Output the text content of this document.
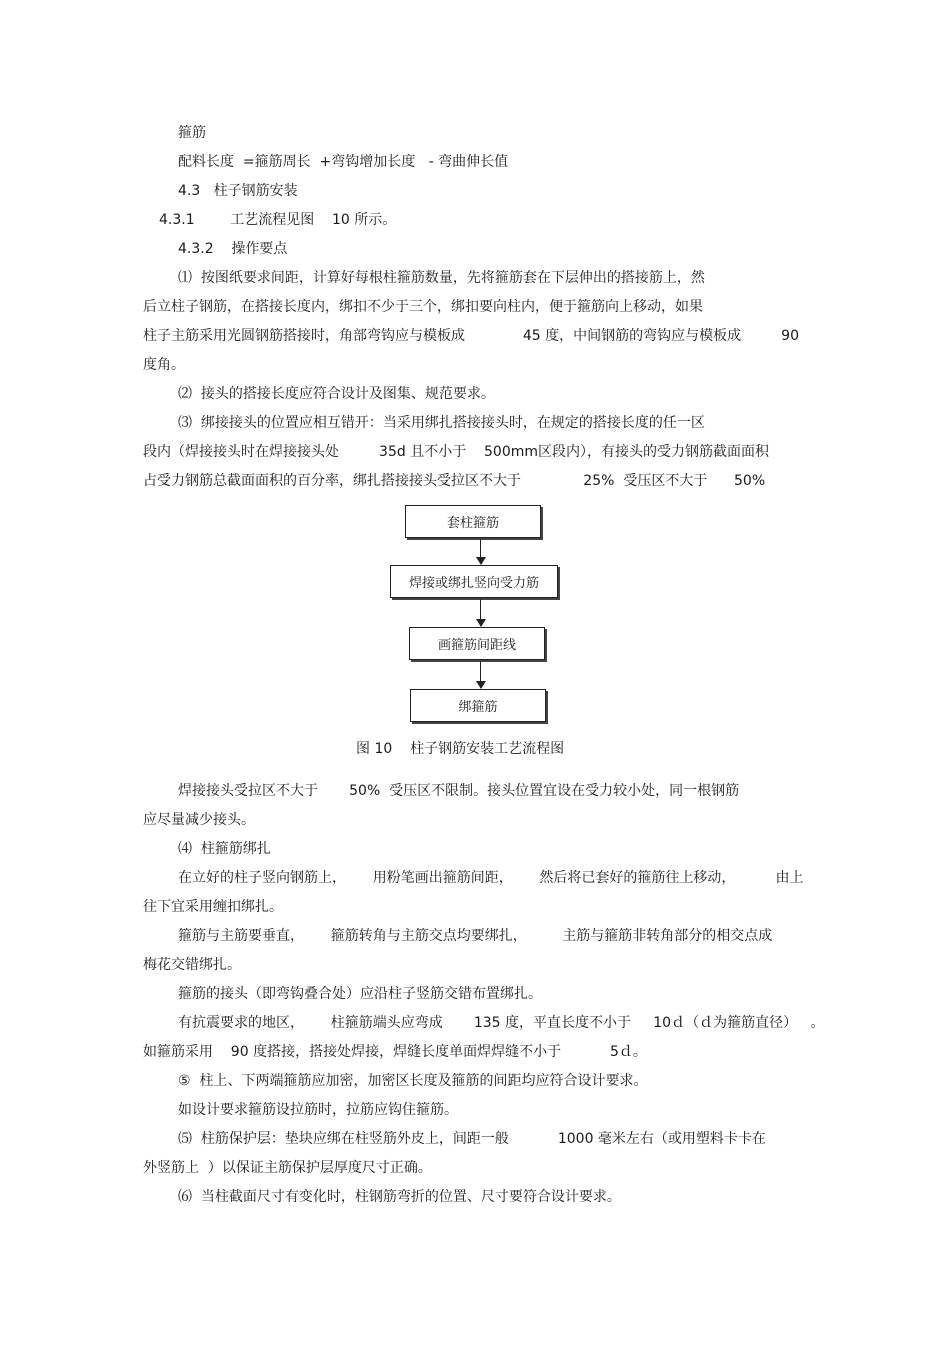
箍筋
配料长度  =箍筋周长  +弯钩增加长度   - 弯曲伸长值
4.3   柱子钢筋安装
4.3.1        工艺流程见图    10 所示。
4.3.2    操作要点
⑴  按图纸要求间距，计算好每根柱箍筋数量，先将箍筋套在下层伸出的搭接筋上，然
后立柱子钢筋，在搭接长度内，绑扣不少于三个，绑扣要向柱内，便于箍筋向上移动，如果
柱子主筋采用光圆钢筋搭接时，角部弯钩应与模板成             45 度，中间钢筋的弯钩应与模板成         90
度角。
⑵  接头的搭接长度应符合设计及图集、规范要求。
⑶  绑接接头的位置应相互错开：当采用绑扎搭接接头时，在规定的搭接长度的任一区
段内（焊接接头时在焊接接头处         35d 且不小于    500mm区段内），有接头的受力钢筋截面面积
占受力钢筋总截面面积的百分率，绑扎搭接接头受拉区不大于              25%  受压区不大于      50%
套柱箍筋
焊接或绑扎竖向受力筋
画箍筋间距线
绑箍筋
图 10    柱子钢筋安装工艺流程图
焊接接头受拉区不大于       50%  受压区不限制。接头位置宜设在受力较小处，同一根钢筋
应尽量减少接头。
⑷  柱箍筋绑扎
在立好的柱子竖向钢筋上，      用粉笔画出箍筋间距，      然后将已套好的箍筋往上移动，         由上
往下宜采用缠扣绑扎。
箍筋与主筋要垂直，      箍筋转角与主筋交点均要绑扎，        主筋与箍筋非转角部分的相交点成
梅花交错绑扎。
箍筋的接头（即弯钩叠合处）应沿柱子竖筋交错布置绑扎。
有抗震要求的地区，      柱箍筋端头应弯成       135 度，平直长度不小于     10ｄ（ｄ为箍筋直径）   。
如箍筋采用    90 度搭接，搭接处焊接，焊缝长度单面焊焊缝不小于           5ｄ。
⑤  柱上、下两端箍筋应加密，加密区长度及箍筋的间距均应符合设计要求。
如设计要求箍筋设拉筋时，拉筋应钩住箍筋。
⑸  柱筋保护层：垫块应绑在柱竖筋外皮上，间距一般           1000 毫米左右（或用塑料卡卡在
外竖筋上  ）以保证主筋保护层厚度尺寸正确。
⑹  当柱截面尺寸有变化时，柱钢筋弯折的位置、尺寸要符合设计要求。
